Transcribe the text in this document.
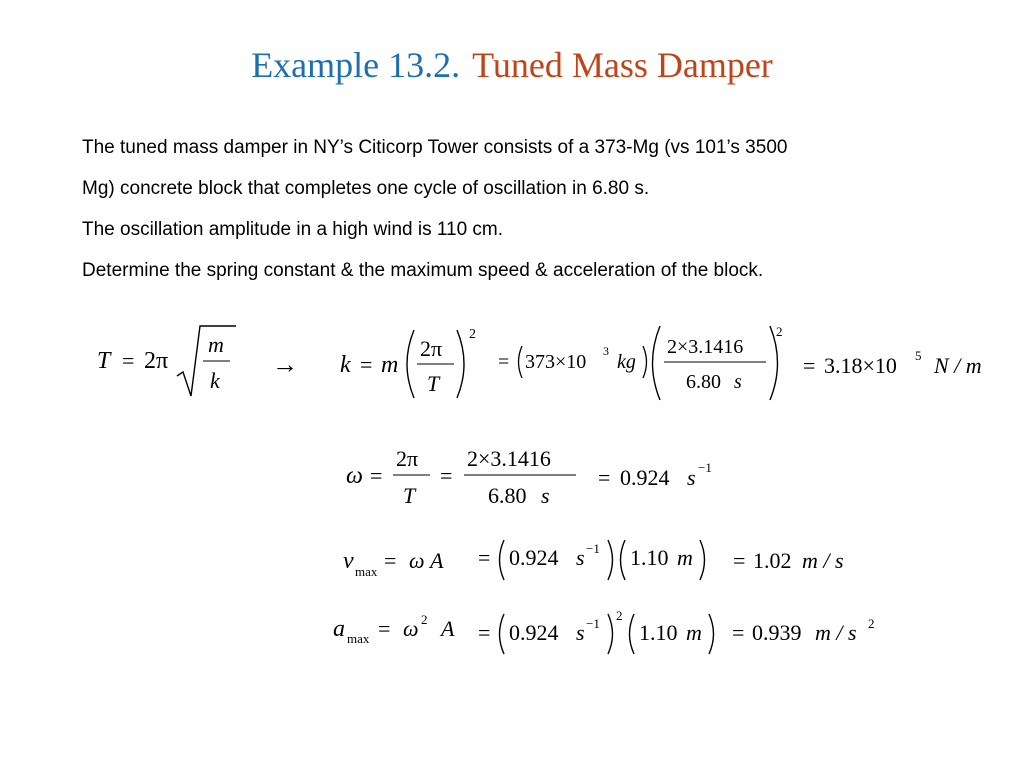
Example 13.2. Tuned Mass Damper
The tuned mass damper in NY’s Citicorp Tower consists of a 373-Mg (vs 101’s 3500
Mg) concrete block that completes one cycle of oscillation in 6.80 s.
The oscillation amplitude in a high wind is 110 cm.
Determine the spring constant & the maximum speed & acceleration of the block.
T = 2π
m
k
→ k = m
2π
T
2
= 373×10 3 kg
2×3.1416
6.80 s
2
= 3.18×10 5 N / m
ω =
2π
T
=
2×3.1416
6.80 s
= 0.924 s −1
v max = ω A = 0.924 s −1 1.10 m = 1.02 m / s
a max = ω 2 A = 0.924 s −1
2
1.10 m = 0.939 m / s 2
